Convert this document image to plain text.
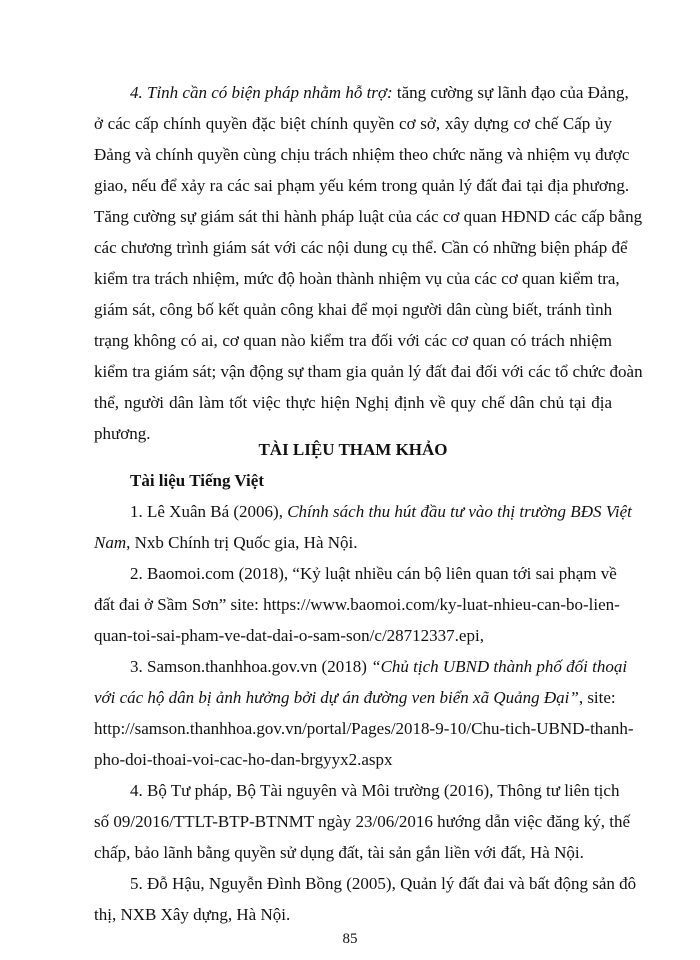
4. Tỉnh cần có biện pháp nhằm hỗ trợ: tăng cường sự lãnh đạo của Đảng,
ở các cấp chính quyền đặc biệt chính quyền cơ sở, xây dựng cơ chế Cấp ủy
Đảng và chính quyền cùng chịu trách nhiệm theo chức năng và nhiệm vụ được
giao, nếu để xảy ra các sai phạm yếu kém trong quản lý đất đai tại địa phương.
Tăng cường sự giám sát thi hành pháp luật của các cơ quan HĐND các cấp bằng
các chương trình giám sát với các nội dung cụ thể. Cần có những biện pháp để
kiểm tra trách nhiệm, mức độ hoàn thành nhiệm vụ của các cơ quan kiểm tra,
giám sát, công bố kết quản công khai để mọi người dân cùng biết, tránh tình
trạng không có ai, cơ quan nào kiểm tra đối với các cơ quan có trách nhiệm
kiểm tra giám sát; vận động sự tham gia quản lý đất đai đối với các tổ chức đoàn
thể, người dân làm tốt việc thực hiện Nghị định về quy chế dân chủ tại địa
phương.
TÀI LIỆU THAM KHẢO
Tài liệu Tiếng Việt
1. Lê Xuân Bá (2006), Chính sách thu hút đầu tư vào thị trường BĐS Việt
Nam, Nxb Chính trị Quốc gia, Hà Nội.
2. Baomoi.com (2018), “Kỷ luật nhiều cán bộ liên quan tới sai phạm về
đất đai ở Sầm Sơn” site: https://www.baomoi.com/ky-luat-nhieu-can-bo-lien-
quan-toi-sai-pham-ve-dat-dai-o-sam-son/c/28712337.epi,
3. Samson.thanhhoa.gov.vn (2018) “Chủ tịch UBND thành phố đối thoại
với các hộ dân bị ảnh hưởng bởi dự án đường ven biển xã Quảng Đại”, site:
http://samson.thanhhoa.gov.vn/portal/Pages/2018-9-10/Chu-tich-UBND-thanh-
pho-doi-thoai-voi-cac-ho-dan-brgyyx2.aspx
4. Bộ Tư pháp, Bộ Tài nguyên và Môi trường (2016), Thông tư liên tịch
số 09/2016/TTLT-BTP-BTNMT ngày 23/06/2016 hướng dẫn việc đăng ký, thế
chấp, bảo lãnh bằng quyền sử dụng đất, tài sản gắn liền với đất, Hà Nội.
5. Đỗ Hậu, Nguyễn Đình Bồng (2005), Quản lý đất đai và bất động sản đô
thị, NXB Xây dựng, Hà Nội.
85
